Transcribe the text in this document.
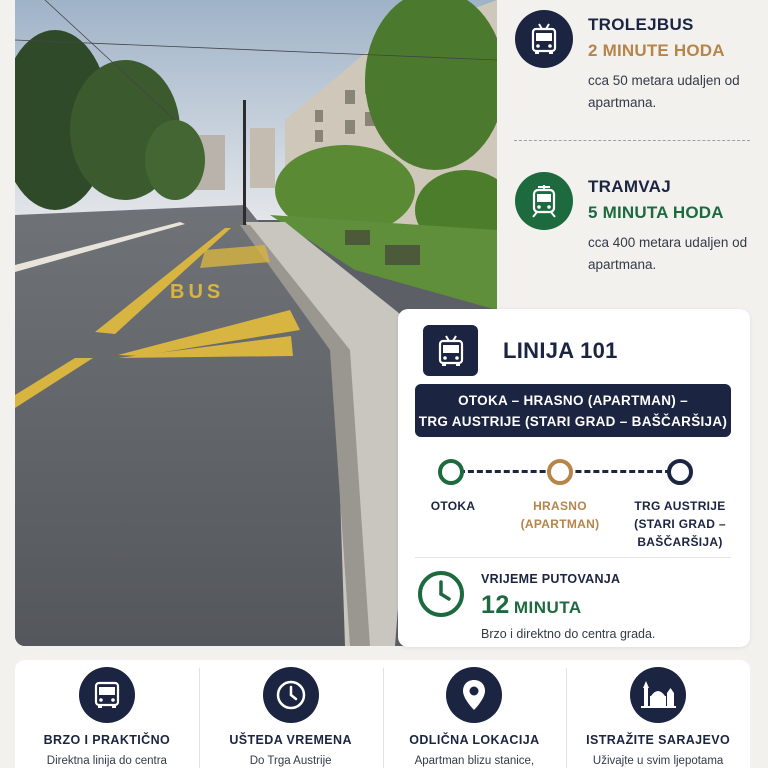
BUS
TROLEJBUS
2 MINUTE HODA
cca 50 metara udaljen od apartmana.
TRAMVAJ
5 MINUTA HODA
cca 400 metara udaljen od apartmana.
LINIJA 101
OTOKA – HRASNO (APARTMAN) –
TRG AUSTRIJE (STARI GRAD – BAŠČARŠIJA)
OTOKA	HRASNO (APARTMAN)
TRG AUSTRIJE (STARI GRAD – BAŠČARŠIJA)
VRIJEME PUTOVANJA
12 MINUTA
Brzo i direktno do centra grada.
BRZO I PRAKTIČNO
Direktna linija do centra
UŠTEDA VREMENA
Do Trga Austrije
ODLIČNA LOKACIJA
Apartman blizu stanice,
ISTRAŽITE SARAJEVO
Uživajte u svim ljepotama
